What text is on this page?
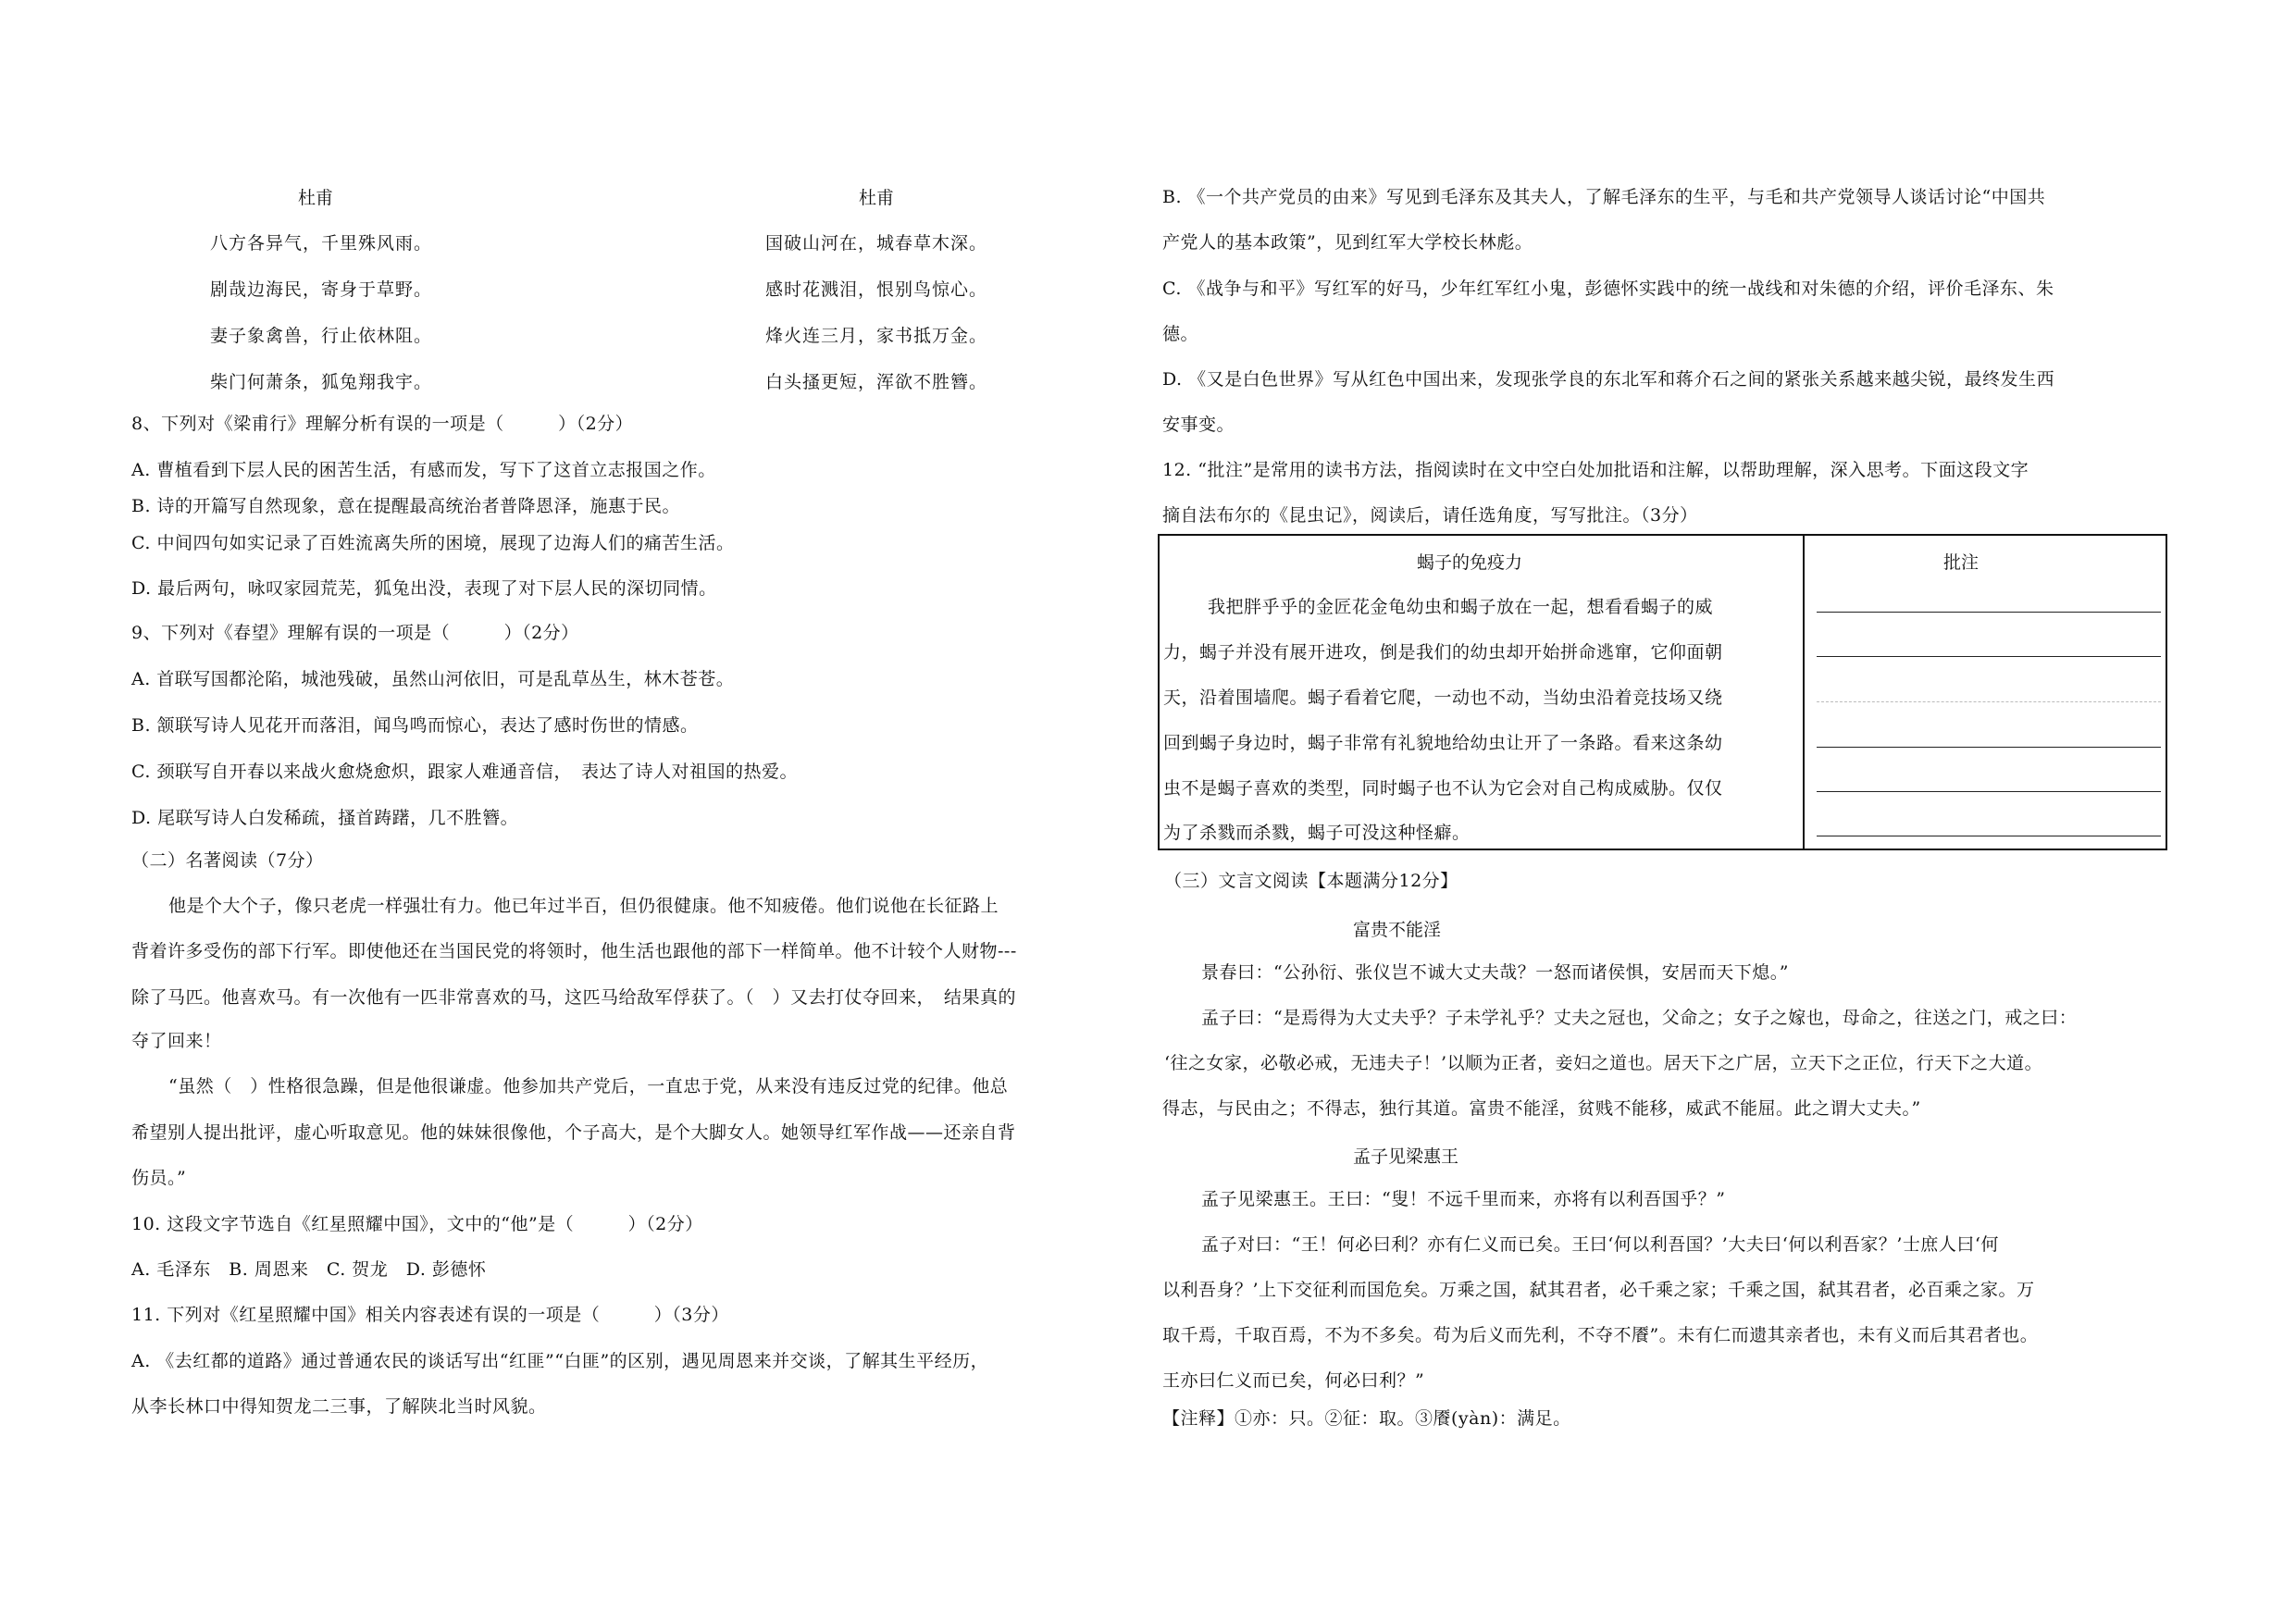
杜甫	杜甫
八方各异气，千里殊风雨。
剧哉边海民，寄身于草野。
妻子象禽兽，行止依林阻。
柴门何萧条，狐兔翔我宇。
国破山河在，城春草木深。
感时花溅泪，恨别鸟惊心。
烽火连三月，家书抵万金。
白头搔更短，浑欲不胜簪。
8、下列对《梁甫行》理解分析有误的一项是（　　　）（2分）
A. 曹植看到下层人民的困苦生活，有感而发，写下了这首立志报国之作。
B. 诗的开篇写自然现象，意在提醒最高统治者普降恩泽，施惠于民。
C. 中间四句如实记录了百姓流离失所的困境，展现了边海人们的痛苦生活。
D. 最后两句，咏叹家园荒芜，狐兔出没，表现了对下层人民的深切同情。
9、下列对《春望》理解有误的一项是（　　　）（2分）
A. 首联写国都沦陷，城池残破，虽然山河依旧，可是乱草丛生，林木苍苍。
B. 颔联写诗人见花开而落泪，闻鸟鸣而惊心，表达了感时伤世的情感。
C. 颈联写自开春以来战火愈烧愈炽，跟家人难通音信，　表达了诗人对祖国的热爱。
D. 尾联写诗人白发稀疏，搔首踌躇，几不胜簪。
（二）名著阅读（7分）
他是个大个子，像只老虎一样强壮有力。他已年过半百，但仍很健康。他不知疲倦。他们说他在长征路上
背着许多受伤的部下行军。即使他还在当国民党的将领时，他生活也跟他的部下一样简单。他不计较个人财物---
除了马匹。他喜欢马。有一次他有一匹非常喜欢的马，这匹马给敌军俘获了。（　）又去打仗夺回来，　结果真的
夺了回来！
“虽然（　）性格很急躁，但是他很谦虚。他参加共产党后，一直忠于党，从来没有违反过党的纪律。他总
希望别人提出批评，虚心听取意见。他的妹妹很像他，个子高大，是个大脚女人。她领导红军作战——还亲自背
伤员。”
10. 这段文字节选自《红星照耀中国》，文中的“他”是（　　　）（2分）
A. 毛泽东　B. 周恩来　C. 贺龙　D. 彭德怀
11. 下列对《红星照耀中国》相关内容表述有误的一项是（　　　）（3分）
A. 《去红都的道路》通过普通农民的谈话写出“红匪”“白匪”的区别，遇见周恩来并交谈，了解其生平经历，
从李长林口中得知贺龙二三事，了解陕北当时风貌。
B. 《一个共产党员的由来》写见到毛泽东及其夫人，了解毛泽东的生平，与毛和共产党领导人谈话讨论“中国共
产党人的基本政策”，见到红军大学校长林彪。
C. 《战争与和平》写红军的好马，少年红军红小鬼，彭德怀实践中的统一战线和对朱德的介绍，评价毛泽东、朱
德。
D. 《又是白色世界》写从红色中国出来，发现张学良的东北军和蒋介石之间的紧张关系越来越尖锐，最终发生西
安事变。
12. “批注”是常用的读书方法，指阅读时在文中空白处加批语和注解，以帮助理解，深入思考。下面这段文字
摘自法布尔的《昆虫记》，阅读后，请任选角度，写写批注。（3分）
蝎子的免疫力	批注
我把胖乎乎的金匠花金龟幼虫和蝎子放在一起，想看看蝎子的威
力，蝎子并没有展开进攻，倒是我们的幼虫却开始拼命逃窜，它仰面朝
天，沿着围墙爬。蝎子看着它爬，一动也不动，当幼虫沿着竞技场又绕
回到蝎子身边时，蝎子非常有礼貌地给幼虫让开了一条路。看来这条幼
虫不是蝎子喜欢的类型，同时蝎子也不认为它会对自己构成威胁。仅仅
为了杀戮而杀戮，蝎子可没这种怪癖。
（三）文言文阅读【本题满分12分】
富贵不能淫
景春曰：“公孙衍、张仪岂不诚大丈夫哉？一怒而诸侯惧，安居而天下熄。”
孟子曰：“是焉得为大丈夫乎？子未学礼乎？丈夫之冠也，父命之；女子之嫁也，母命之，往送之门，戒之曰：
‘往之女家，必敬必戒，无违夫子！’以顺为正者，妾妇之道也。居天下之广居，立天下之正位，行天下之大道。
得志，与民由之；不得志，独行其道。富贵不能淫，贫贱不能移，威武不能屈。此之谓大丈夫。”
孟子见梁惠王
孟子见梁惠王。王曰：“叟！不远千里而来，亦将有以利吾国乎？”
孟子对曰：“王！何必曰利？亦有仁义而已矣。王曰‘何以利吾国？’大夫曰‘何以利吾家？’士庶人曰‘何
以利吾身？’上下交征利而国危矣。万乘之国，弑其君者，必千乘之家；千乘之国，弑其君者，必百乘之家。万
取千焉，千取百焉，不为不多矣。苟为后义而先利，不夺不餍”。未有仁而遗其亲者也，未有义而后其君者也。
王亦曰仁义而已矣，何必曰利？”
【注释】①亦：只。②征：取。③餍(yàn)：满足。
